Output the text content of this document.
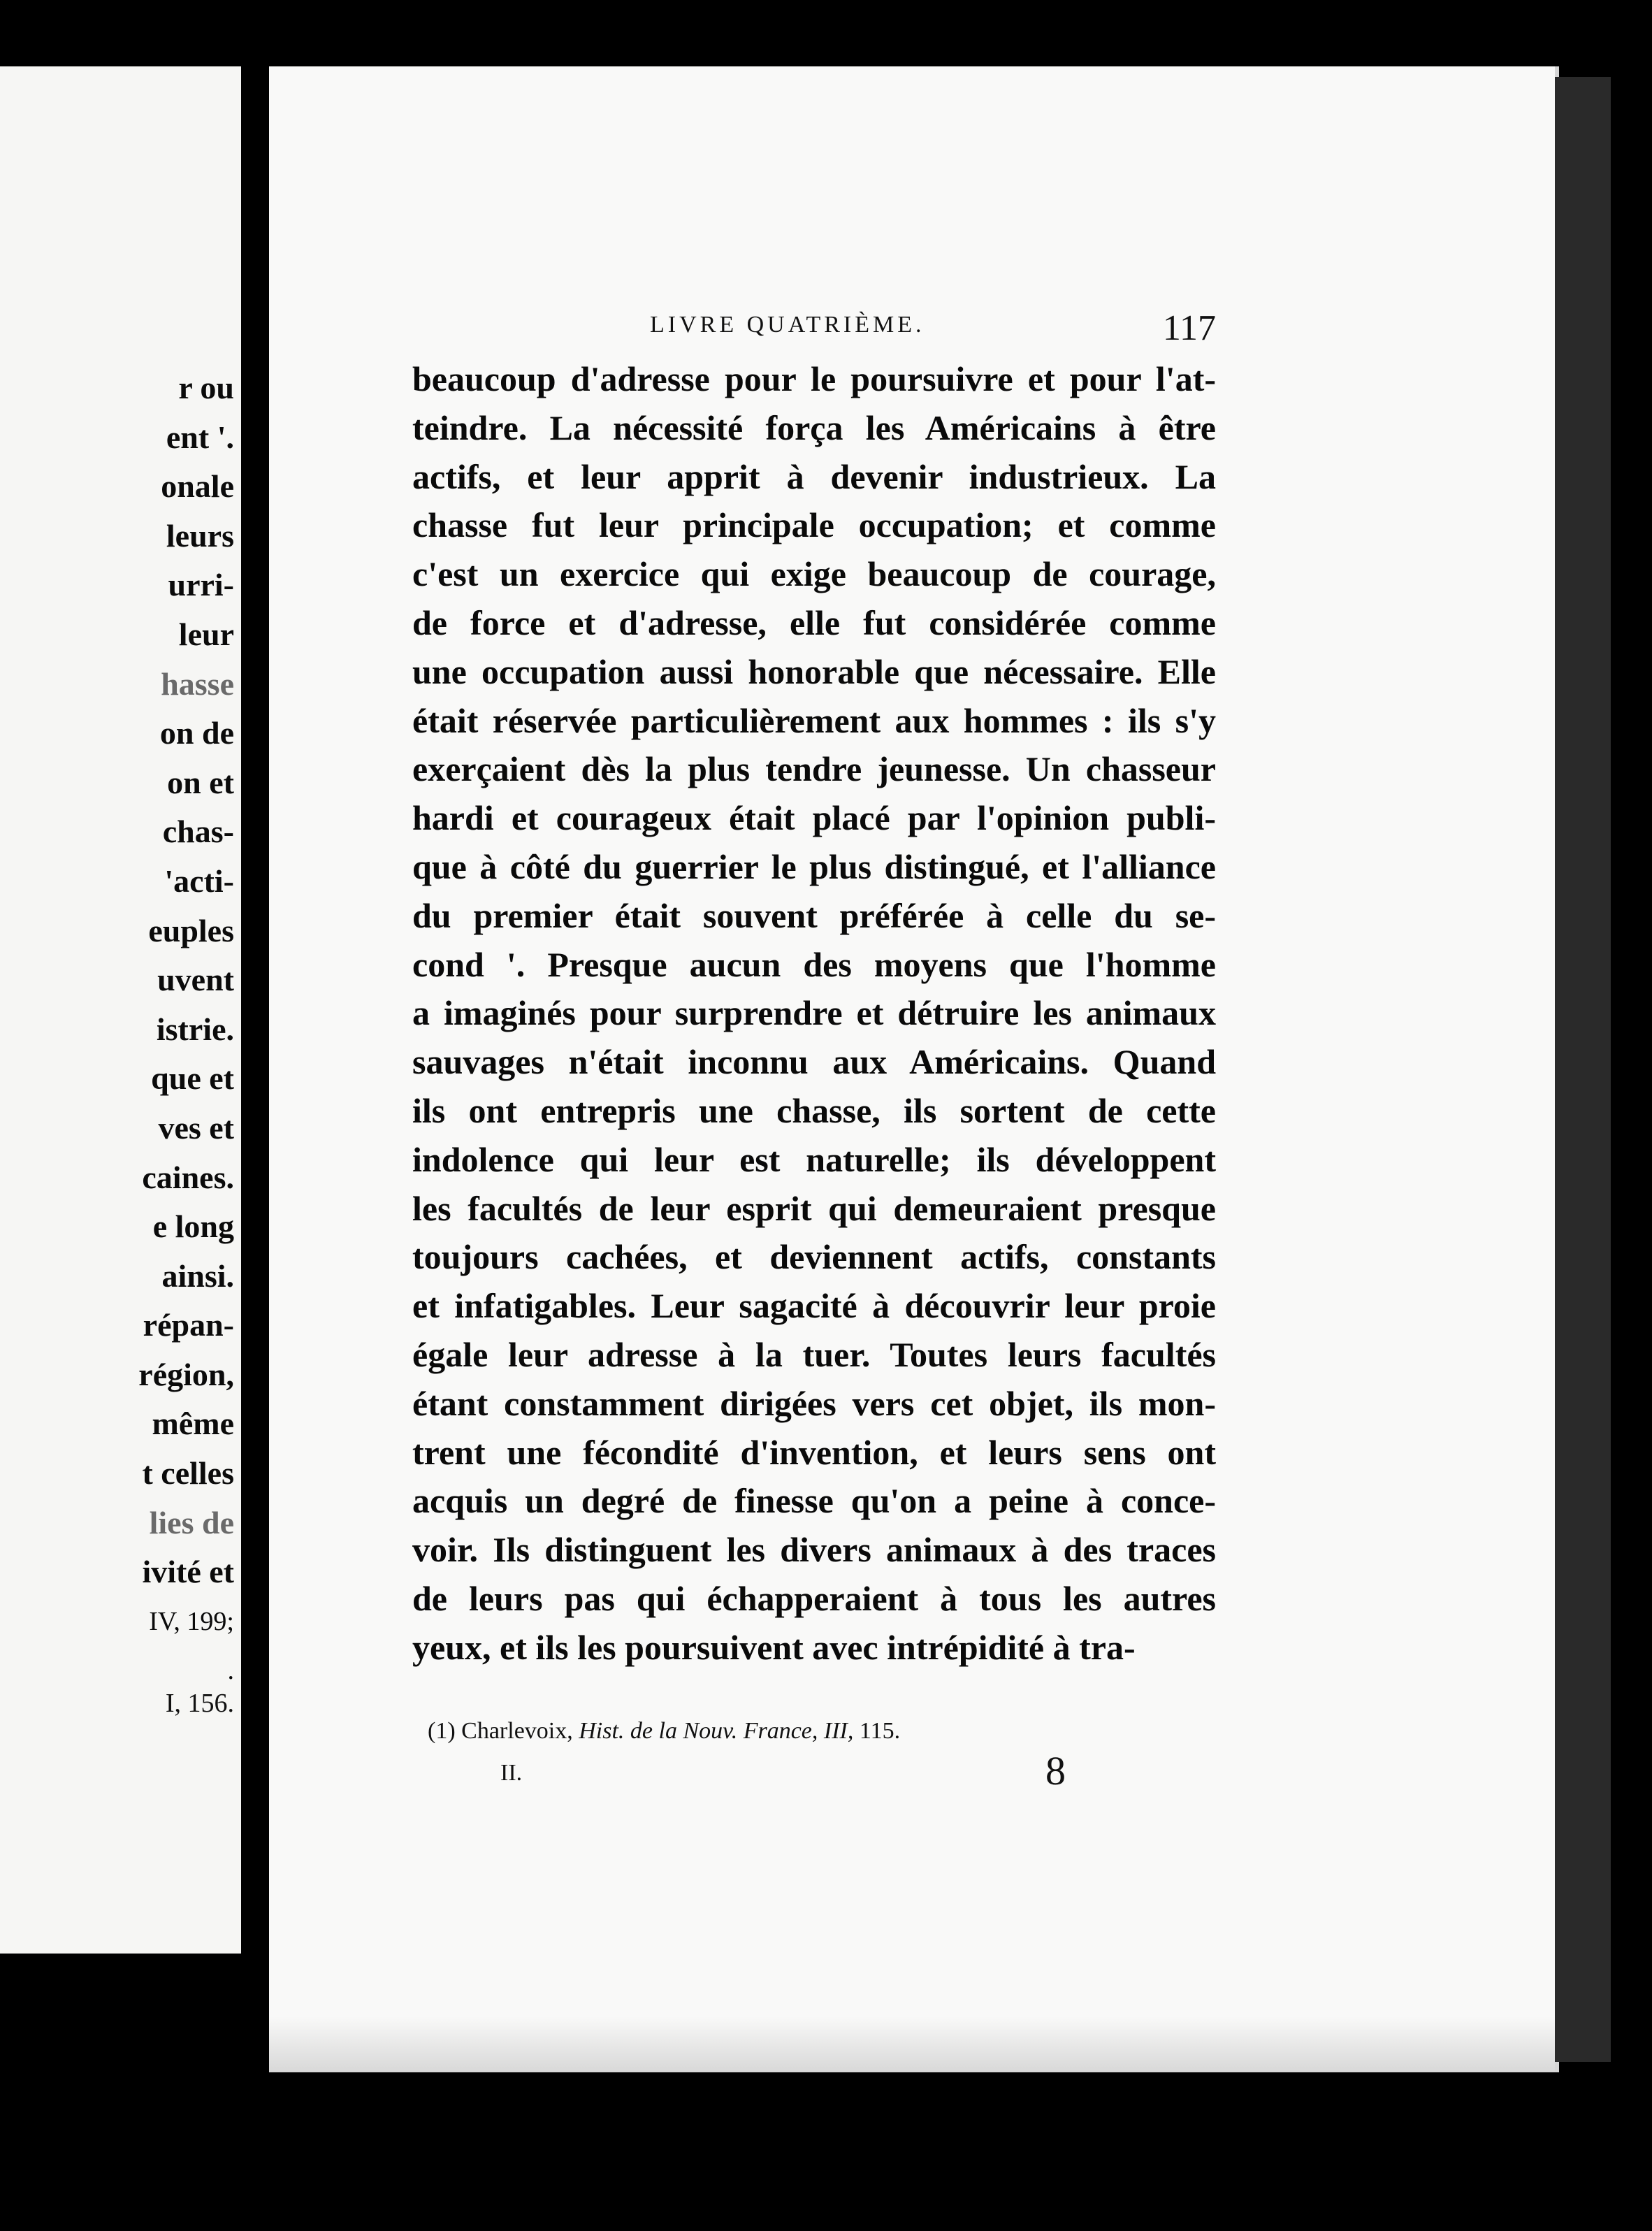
r ou
ent '.
onale
leurs
urri-
leur
hasse
on de
on et
chas-
'acti-
euples
uvent
istrie.
que et
ves et
caines.
e long
ainsi.
répan-
région,
même
t celles
lies de
ivité et
IV, 199;
.
I, 156.
LIVRE QUATRIÈME.	117
beaucoup d'adresse pour le poursuivre et pour l'at-
teindre. La nécessité força les Américains à être
actifs, et leur apprit à devenir industrieux. La
chasse fut leur principale occupation; et comme
c'est un exercice qui exige beaucoup de courage,
de force et d'adresse, elle fut considérée comme
une occupation aussi honorable que nécessaire. Elle
était réservée particulièrement aux hommes : ils s'y
exerçaient dès la plus tendre jeunesse. Un chasseur
hardi et courageux était placé par l'opinion publi-
que à côté du guerrier le plus distingué, et l'alliance
du premier était souvent préférée à celle du se-
cond '. Presque aucun des moyens que l'homme
a imaginés pour surprendre et détruire les animaux
sauvages n'était inconnu aux Américains. Quand
ils ont entrepris une chasse, ils sortent de cette
indolence qui leur est naturelle; ils développent
les facultés de leur esprit qui demeuraient presque
toujours cachées, et deviennent actifs, constants
et infatigables. Leur sagacité à découvrir leur proie
égale leur adresse à la tuer. Toutes leurs facultés
étant constamment dirigées vers cet objet, ils mon-
trent une fécondité d'invention, et leurs sens ont
acquis un degré de finesse qu'on a peine à conce-
voir. Ils distinguent les divers animaux à des traces
de leurs pas qui échapperaient à tous les autres
yeux, et ils les poursuivent avec intrépidité à tra-
(1) Charlevoix, Hist. de la Nouv. France, III, 115.
II.	8
